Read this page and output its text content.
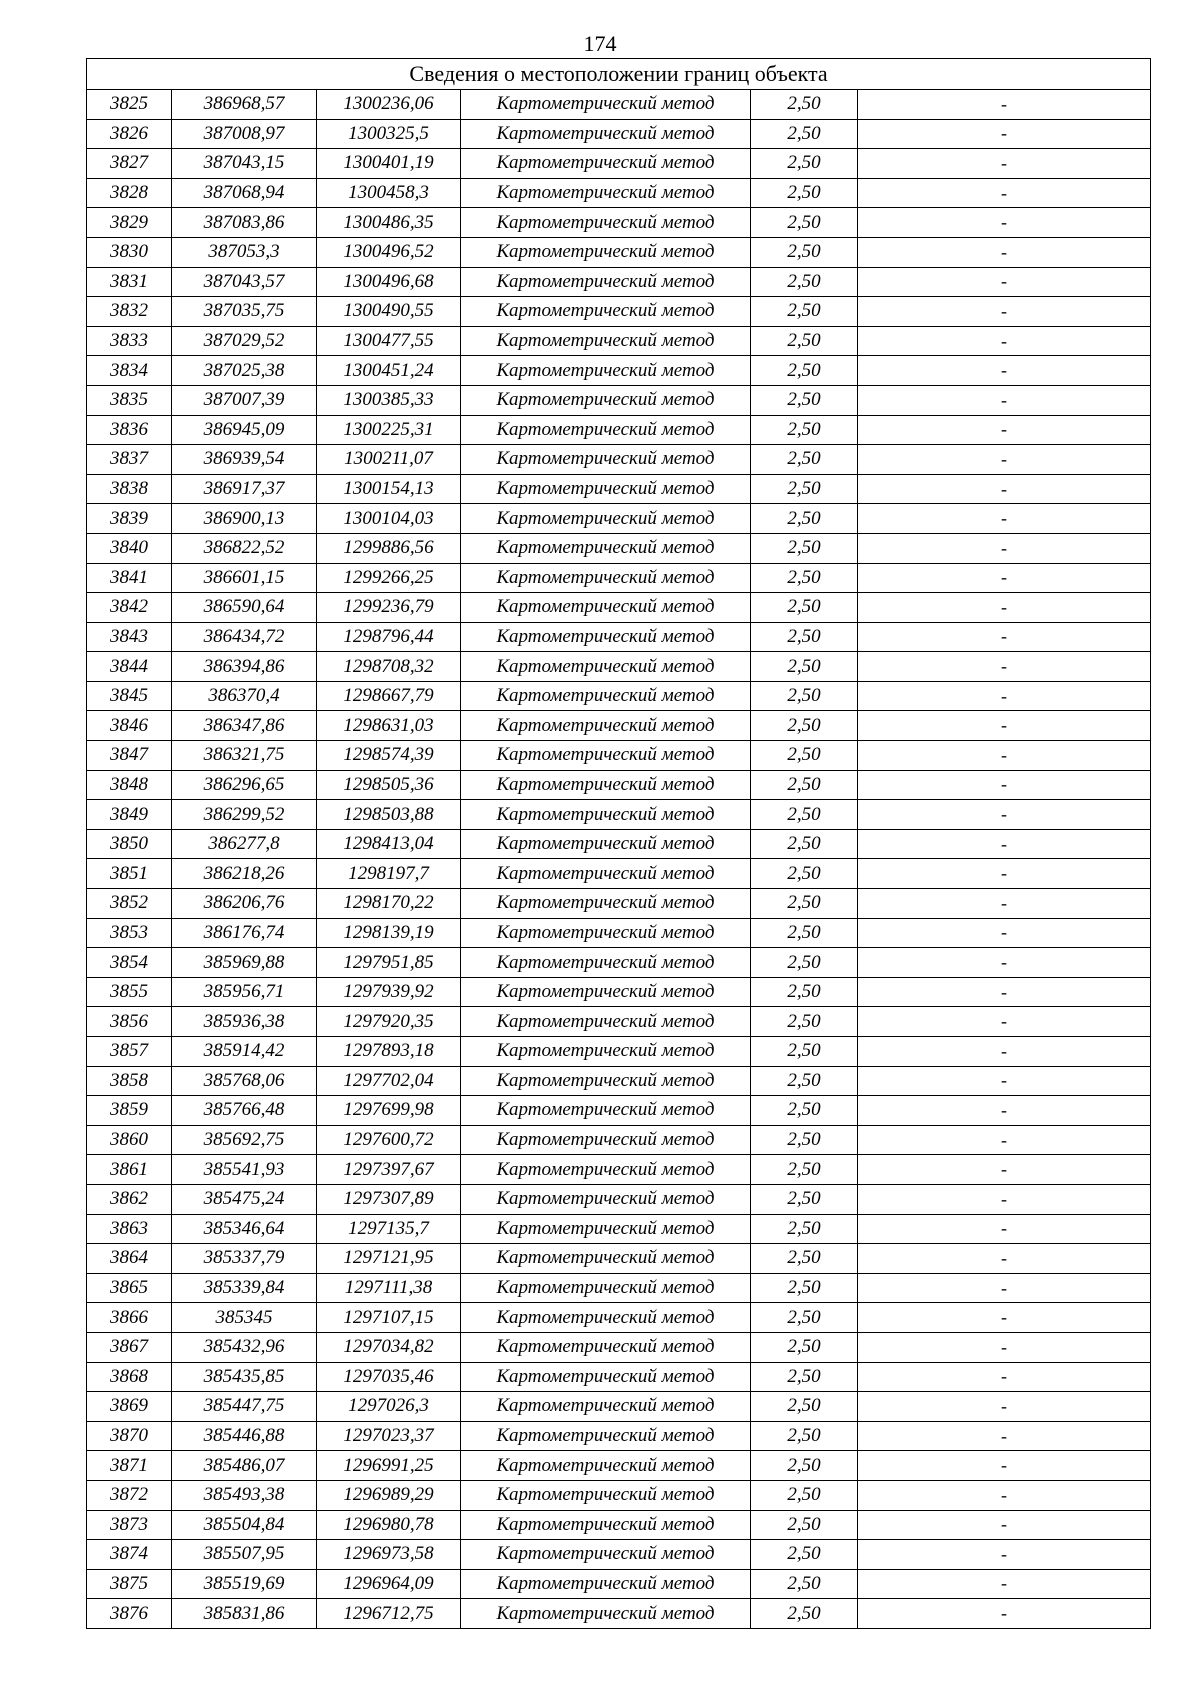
174
Сведения о местоположении границ объекта					
3825	386968,57	1300236,06	Картометрический метод	2,50	-
3826	387008,97	1300325,5	Картометрический метод	2,50	-
3827	387043,15	1300401,19	Картометрический метод	2,50	-
3828	387068,94	1300458,3	Картометрический метод	2,50	-
3829	387083,86	1300486,35	Картометрический метод	2,50	-
3830	387053,3	1300496,52	Картометрический метод	2,50	-
3831	387043,57	1300496,68	Картометрический метод	2,50	-
3832	387035,75	1300490,55	Картометрический метод	2,50	-
3833	387029,52	1300477,55	Картометрический метод	2,50	-
3834	387025,38	1300451,24	Картометрический метод	2,50	-
3835	387007,39	1300385,33	Картометрический метод	2,50	-
3836	386945,09	1300225,31	Картометрический метод	2,50	-
3837	386939,54	1300211,07	Картометрический метод	2,50	-
3838	386917,37	1300154,13	Картометрический метод	2,50	-
3839	386900,13	1300104,03	Картометрический метод	2,50	-
3840	386822,52	1299886,56	Картометрический метод	2,50	-
3841	386601,15	1299266,25	Картометрический метод	2,50	-
3842	386590,64	1299236,79	Картометрический метод	2,50	-
3843	386434,72	1298796,44	Картометрический метод	2,50	-
3844	386394,86	1298708,32	Картометрический метод	2,50	-
3845	386370,4	1298667,79	Картометрический метод	2,50	-
3846	386347,86	1298631,03	Картометрический метод	2,50	-
3847	386321,75	1298574,39	Картометрический метод	2,50	-
3848	386296,65	1298505,36	Картометрический метод	2,50	-
3849	386299,52	1298503,88	Картометрический метод	2,50	-
3850	386277,8	1298413,04	Картометрический метод	2,50	-
3851	386218,26	1298197,7	Картометрический метод	2,50	-
3852	386206,76	1298170,22	Картометрический метод	2,50	-
3853	386176,74	1298139,19	Картометрический метод	2,50	-
3854	385969,88	1297951,85	Картометрический метод	2,50	-
3855	385956,71	1297939,92	Картометрический метод	2,50	-
3856	385936,38	1297920,35	Картометрический метод	2,50	-
3857	385914,42	1297893,18	Картометрический метод	2,50	-
3858	385768,06	1297702,04	Картометрический метод	2,50	-
3859	385766,48	1297699,98	Картометрический метод	2,50	-
3860	385692,75	1297600,72	Картометрический метод	2,50	-
3861	385541,93	1297397,67	Картометрический метод	2,50	-
3862	385475,24	1297307,89	Картометрический метод	2,50	-
3863	385346,64	1297135,7	Картометрический метод	2,50	-
3864	385337,79	1297121,95	Картометрический метод	2,50	-
3865	385339,84	1297111,38	Картометрический метод	2,50	-
3866	385345	1297107,15	Картометрический метод	2,50	-
3867	385432,96	1297034,82	Картометрический метод	2,50	-
3868	385435,85	1297035,46	Картометрический метод	2,50	-
3869	385447,75	1297026,3	Картометрический метод	2,50	-
3870	385446,88	1297023,37	Картометрический метод	2,50	-
3871	385486,07	1296991,25	Картометрический метод	2,50	-
3872	385493,38	1296989,29	Картометрический метод	2,50	-
3873	385504,84	1296980,78	Картометрический метод	2,50	-
3874	385507,95	1296973,58	Картометрический метод	2,50	-
3875	385519,69	1296964,09	Картометрический метод	2,50	-
3876	385831,86	1296712,75	Картометрический метод	2,50	-
